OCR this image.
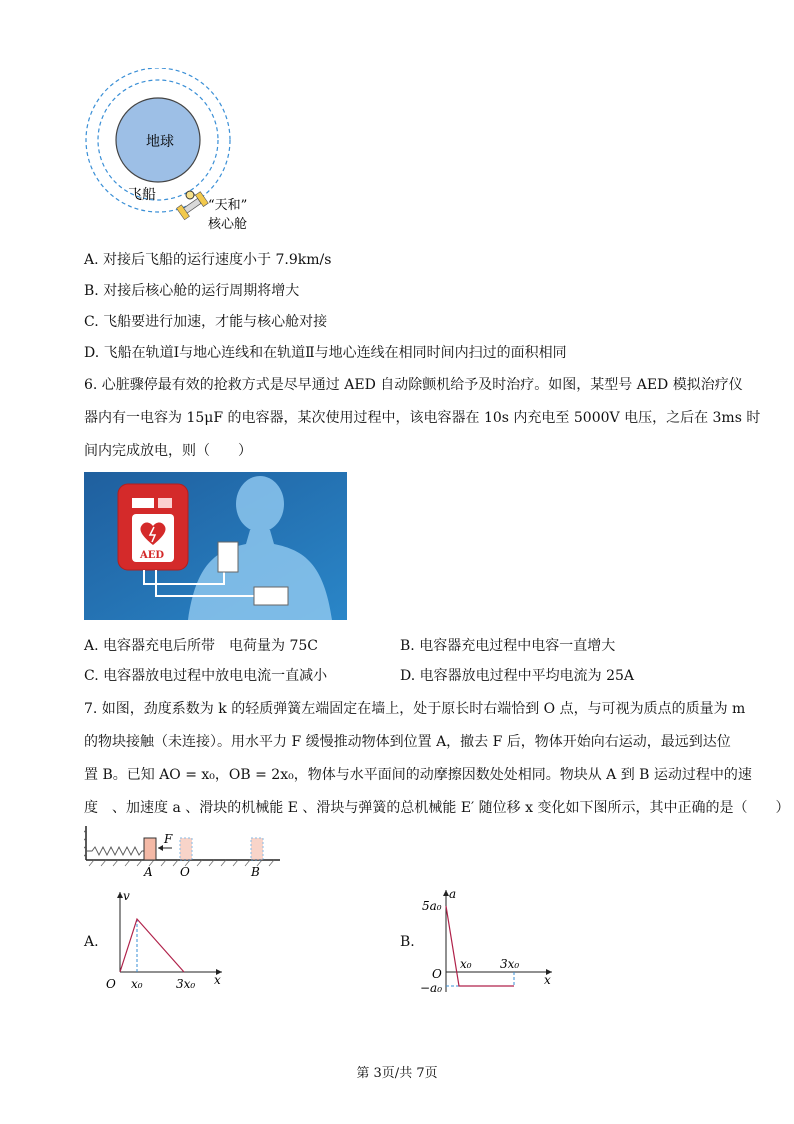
地球
飞船
“天和”
核心舱
A. 对接后飞船的运行速度小于 7.9km/s
B. 对接后核心舱的运行周期将增大
C. 飞船要进行加速，才能与核心舱对接
D. 飞船在轨道Ⅰ与地心连线和在轨道Ⅱ与地心连线在相同时间内扫过的面积相同
6. 心脏骤停最有效的抢救方式是尽早通过 AED 自动除颤机给予及时治疗。如图，某型号 AED 模拟治疗仪
器内有一电容为 15μF 的电容器，某次使用过程中，该电容器在 10s 内充电至 5000V 电压，之后在 3ms 时
间内完成放电，则（　　）
AED
A. 电容器充电后所带　电荷量为 75C	B. 电容器充电过程中电容一直增大
C. 电容器放电过程中放电电流一直减小	D. 电容器放电过程中平均电流为 25A
7. 如图，劲度系数为 k 的轻质弹簧左端固定在墙上，处于原长时右端恰到 O 点，与可视为质点的质量为 m
的物块接触（未连接）。用水平力 F 缓慢推动物体到位置 A，撤去 F 后，物体开始向右运动，最远到达位
置 B。已知 AO = x₀，OB = 2x₀，物体与水平面间的动摩擦因数处处相同。物块从 A 到 B 运动过程中的速
度　、加速度 a 、滑块的机械能 E 、滑块与弹簧的总机械能 E′ 随位移 x 变化如下图所示，其中正确的是（　　）
F
A O	B
A.
v
x
O x₀	3x₀
B.
a
x
O
5a₀
−a₀
x₀ 3x₀
第 3页/共 7页
